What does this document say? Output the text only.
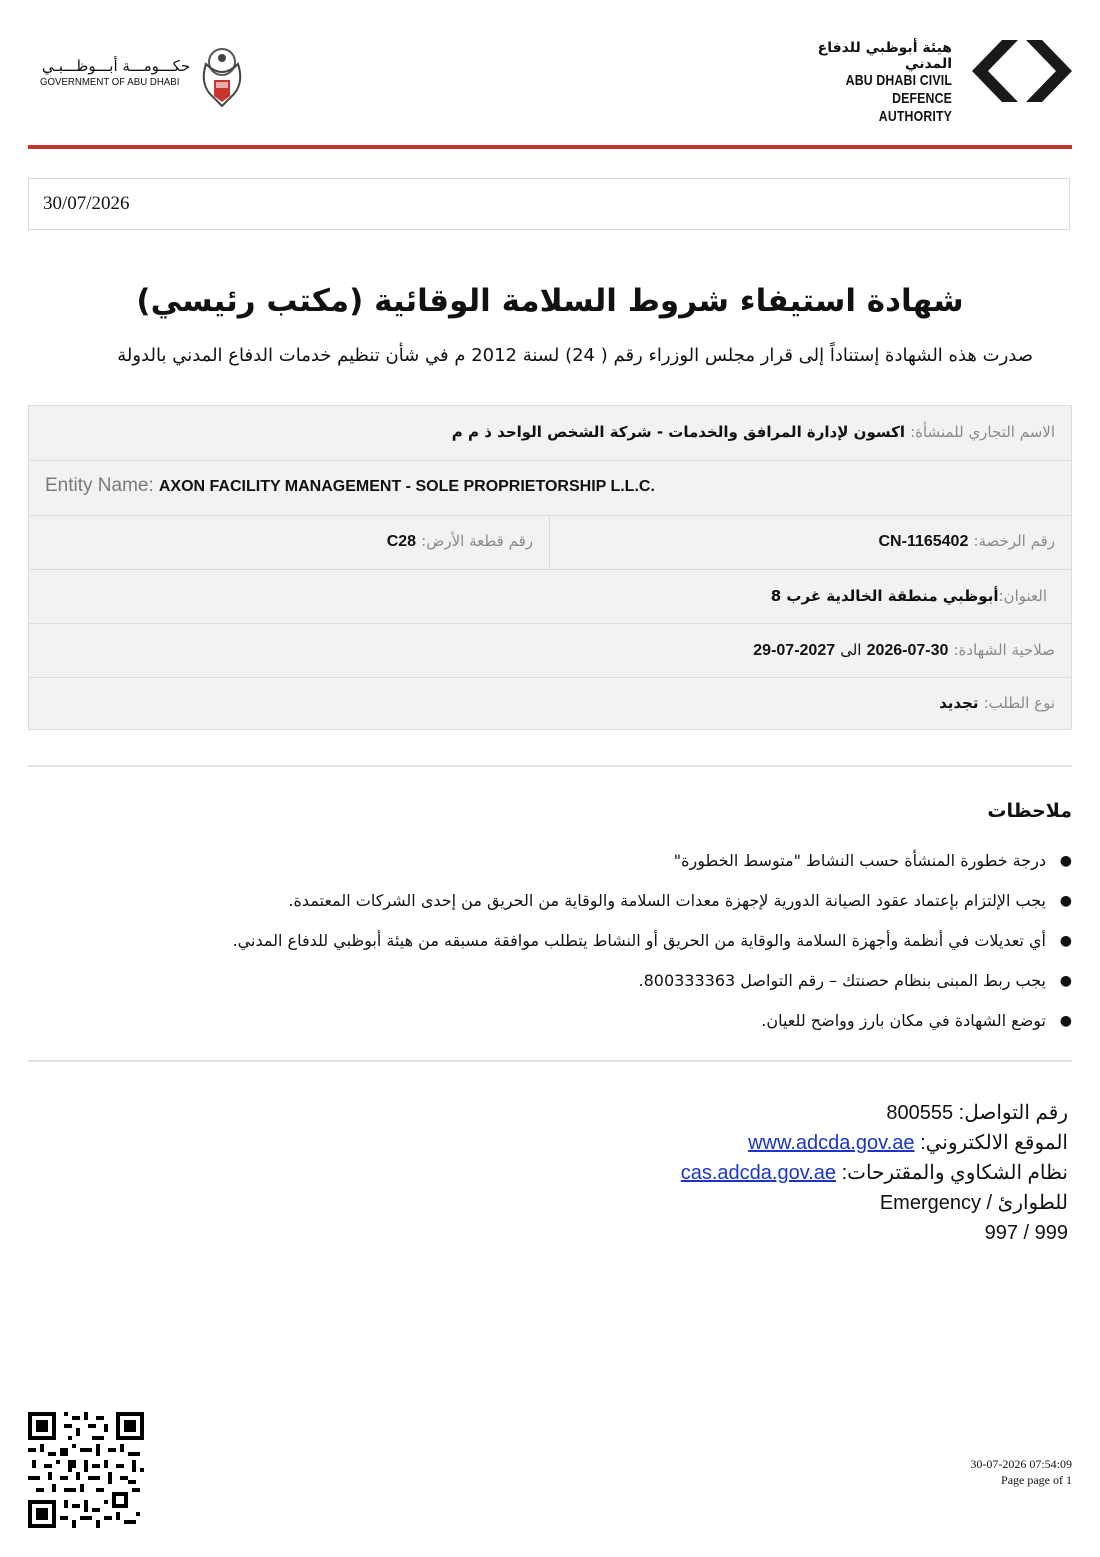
هيئة أبوظبي للدفاع المدني
ABU DHABI CIVIL DEFENCE
AUTHORITY
حكـــومـــة أبـــوظـــبـي
GOVERNMENT OF ABU DHABI
30/07/2026
شهادة استيفاء شروط السلامة الوقائية (مكتب رئيسي)
صدرت هذه الشهادة إستناداً إلى قرار مجلس الوزراء رقم ( 24) لسنة 2012 م في شأن تنظيم خدمات الدفاع المدني بالدولة
الاسم التجاري للمنشأة: اكسون لإدارة المرافق والخدمات - شركة الشخص الواحد ذ م م
Entity Name: AXON FACILITY MANAGEMENT - SOLE PROPRIETORSHIP L.L.C.
رقم الرخصة: CN-1165402
رقم قطعة الأرض: C28
العنوان:أبوظبي منطقة الخالدية غرب 8
صلاحية الشهادة: 30-07-2026 الى 2027-07-29
نوع الطلب: تجديد
ملاحظات
●
درجة خطورة المنشأة حسب النشاط "متوسط الخطورة"
●
يجب الإلتزام بإعتماد عقود الصيانة الدورية لإجهزة معدات السلامة والوقاية من الحريق من إحدى الشركات المعتمدة.
●
أي تعديلات في أنظمة وأجهزة السلامة والوقاية من الحريق أو النشاط يتطلب موافقة مسبقه من هيئة أبوظبي للدفاع المدني.
●
يجب ربط المبنى بنظام حصنتك – رقم التواصل 800333363.
●
توضع الشهادة في مكان بارز وواضح للعيان.
رقم التواصل: 800555
الموقع الالكتروني: www.adcda.gov.ae
نظام الشكاوي والمقترحات: cas.adcda.gov.ae
للطوارئ / Emergency
999 / 997
30-07-2026 07:54:09
Page page of 1
